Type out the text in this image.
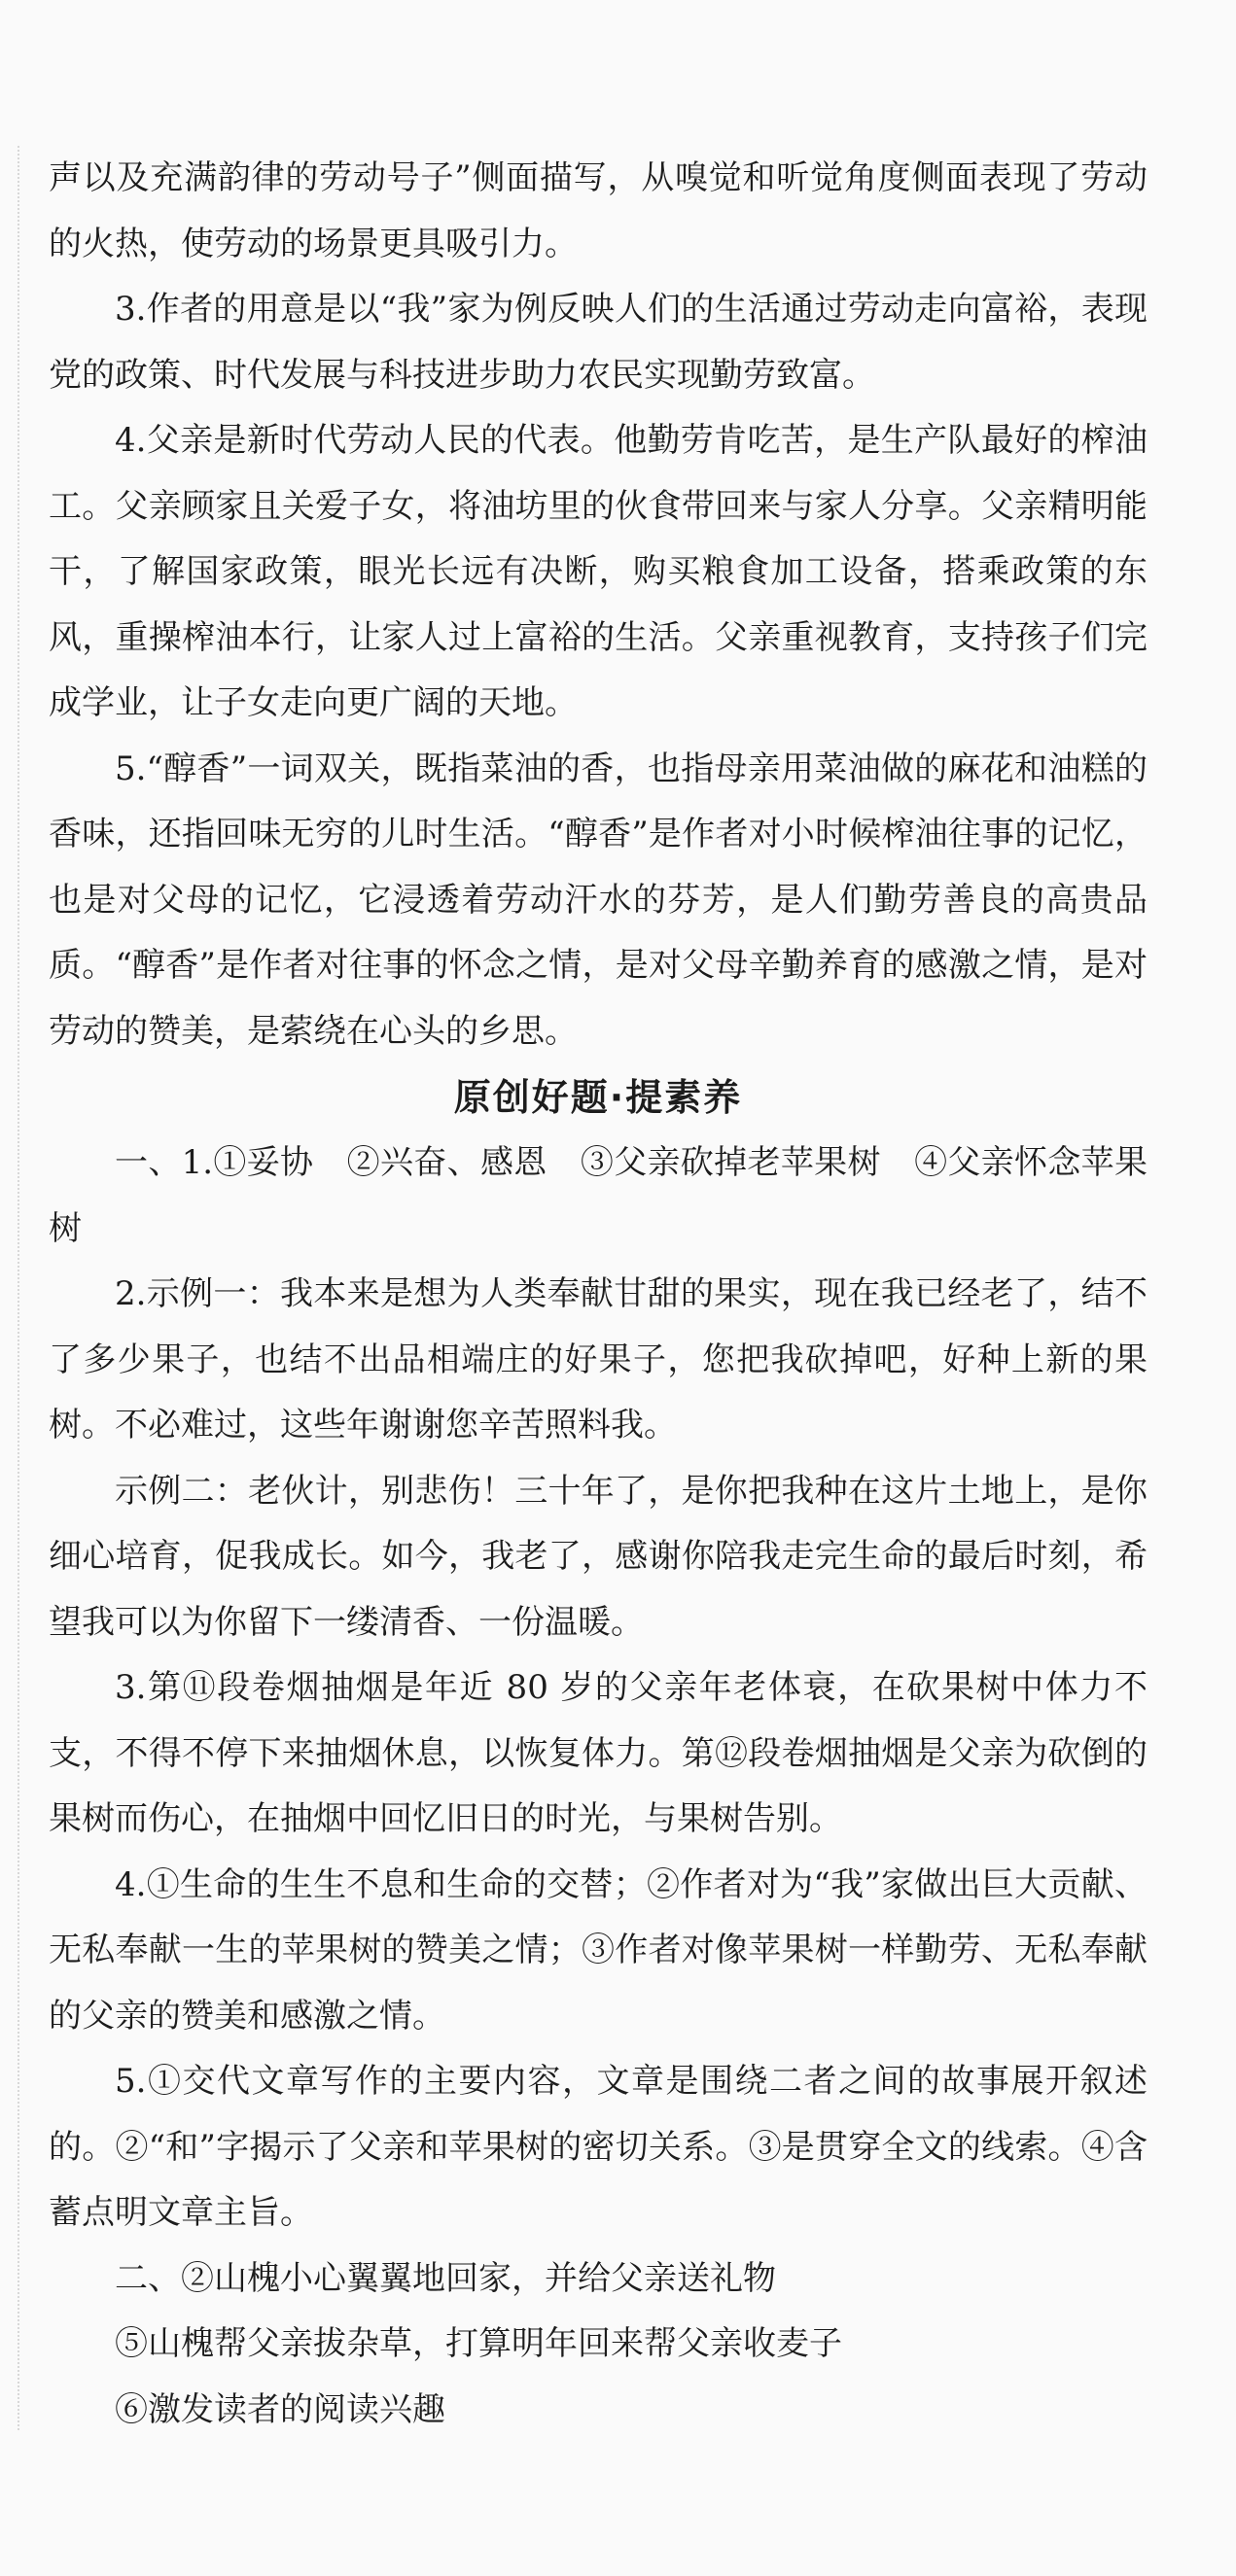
声以及充满韵律的劳动号子”侧面描写，从嗅觉和听觉角度侧面表现了劳动的火热，使劳动的场景更具吸引力。

3.作者的用意是以“我”家为例反映人们的生活通过劳动走向富裕，表现党的政策、时代发展与科技进步助力农民实现勤劳致富。

4.父亲是新时代劳动人民的代表。他勤劳肯吃苦，是生产队最好的榨油工。父亲顾家且关爱子女，将油坊里的伙食带回来与家人分享。父亲精明能干，了解国家政策，眼光长远有决断，购买粮食加工设备，搭乘政策的东风，重操榨油本行，让家人过上富裕的生活。父亲重视教育，支持孩子们完成学业，让子女走向更广阔的天地。

5.“醇香”一词双关，既指菜油的香，也指母亲用菜油做的麻花和油糕的香味，还指回味无穷的儿时生活。“醇香”是作者对小时候榨油往事的记忆，也是对父母的记忆，它浸透着劳动汗水的芬芳，是人们勤劳善良的高贵品质。“醇香”是作者对往事的怀念之情，是对父母辛勤养育的感激之情，是对劳动的赞美，是萦绕在心头的乡思。

原创好题·提素养

一、1.①妥协　②兴奋、感恩　③父亲砍掉老苹果树　④父亲怀念苹果树

2.示例一：我本来是想为人类奉献甘甜的果实，现在我已经老了，结不了多少果子，也结不出品相端庄的好果子，您把我砍掉吧，好种上新的果树。不必难过，这些年谢谢您辛苦照料我。

示例二：老伙计，别悲伤！三十年了，是你把我种在这片土地上，是你细心培育，促我成长。如今，我老了，感谢你陪我走完生命的最后时刻，希望我可以为你留下一缕清香、一份温暖。

3.第⑪段卷烟抽烟是年近 80 岁的父亲年老体衰，在砍果树中体力不支，不得不停下来抽烟休息，以恢复体力。第⑫段卷烟抽烟是父亲为砍倒的果树而伤心，在抽烟中回忆旧日的时光，与果树告别。

4.①生命的生生不息和生命的交替；②作者对为“我”家做出巨大贡献、无私奉献一生的苹果树的赞美之情；③作者对像苹果树一样勤劳、无私奉献的父亲的赞美和感激之情。

5.①交代文章写作的主要内容，文章是围绕二者之间的故事展开叙述的。②“和”字揭示了父亲和苹果树的密切关系。③是贯穿全文的线索。④含蓄点明文章主旨。

二、②山槐小心翼翼地回家，并给父亲送礼物

⑤山槐帮父亲拔杂草，打算明年回来帮父亲收麦子

⑥激发读者的阅读兴趣
